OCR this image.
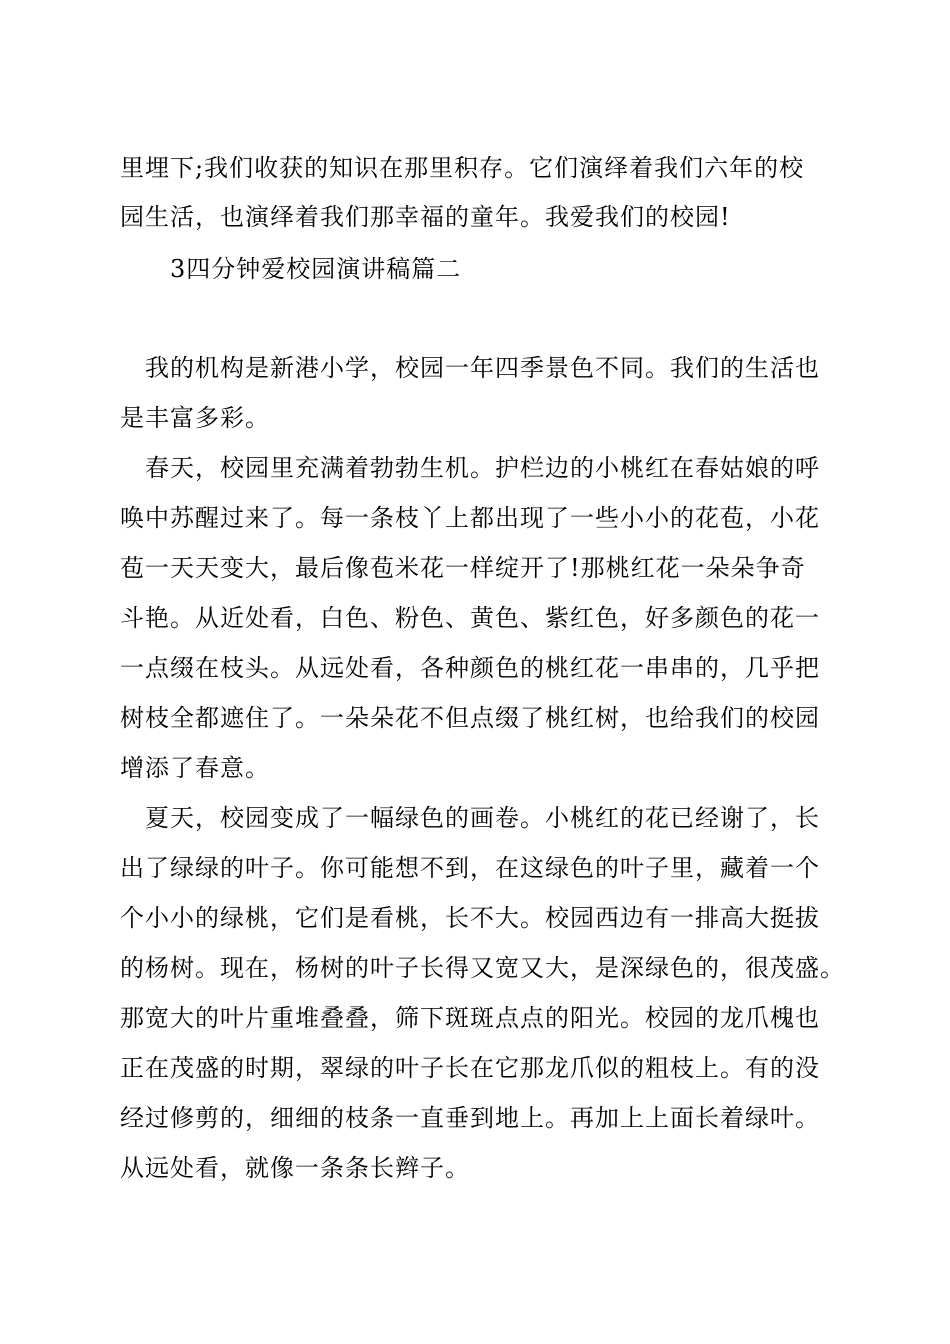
里埋下;我们收获的知识在那里积存。它们演绎着我们六年的校
园生活，也演绎着我们那幸福的童年。我爱我们的校园!
3四分钟爱校园演讲稿篇二
我的机构是新港小学，校园一年四季景色不同。我们的生活也
是丰富多彩。
春天，校园里充满着勃勃生机。护栏边的小桃红在春姑娘的呼
唤中苏醒过来了。每一条枝丫上都出现了一些小小的花苞，小花
苞一天天变大，最后像苞米花一样绽开了!那桃红花一朵朵争奇
斗艳。从近处看，白色、粉色、黄色、紫红色，好多颜色的花一
一点缀在枝头。从远处看，各种颜色的桃红花一串串的，几乎把
树枝全都遮住了。一朵朵花不但点缀了桃红树，也给我们的校园
增添了春意。
夏天，校园变成了一幅绿色的画卷。小桃红的花已经谢了，长
出了绿绿的叶子。你可能想不到，在这绿色的叶子里，藏着一个
个小小的绿桃，它们是看桃，长不大。校园西边有一排高大挺拔
的杨树。现在，杨树的叶子长得又宽又大，是深绿色的，很茂盛。
那宽大的叶片重堆叠叠，筛下斑斑点点的阳光。校园的龙爪槐也
正在茂盛的时期，翠绿的叶子长在它那龙爪似的粗枝上。有的没
经过修剪的，细细的枝条一直垂到地上。再加上上面长着绿叶。
从远处看，就像一条条长辫子。
